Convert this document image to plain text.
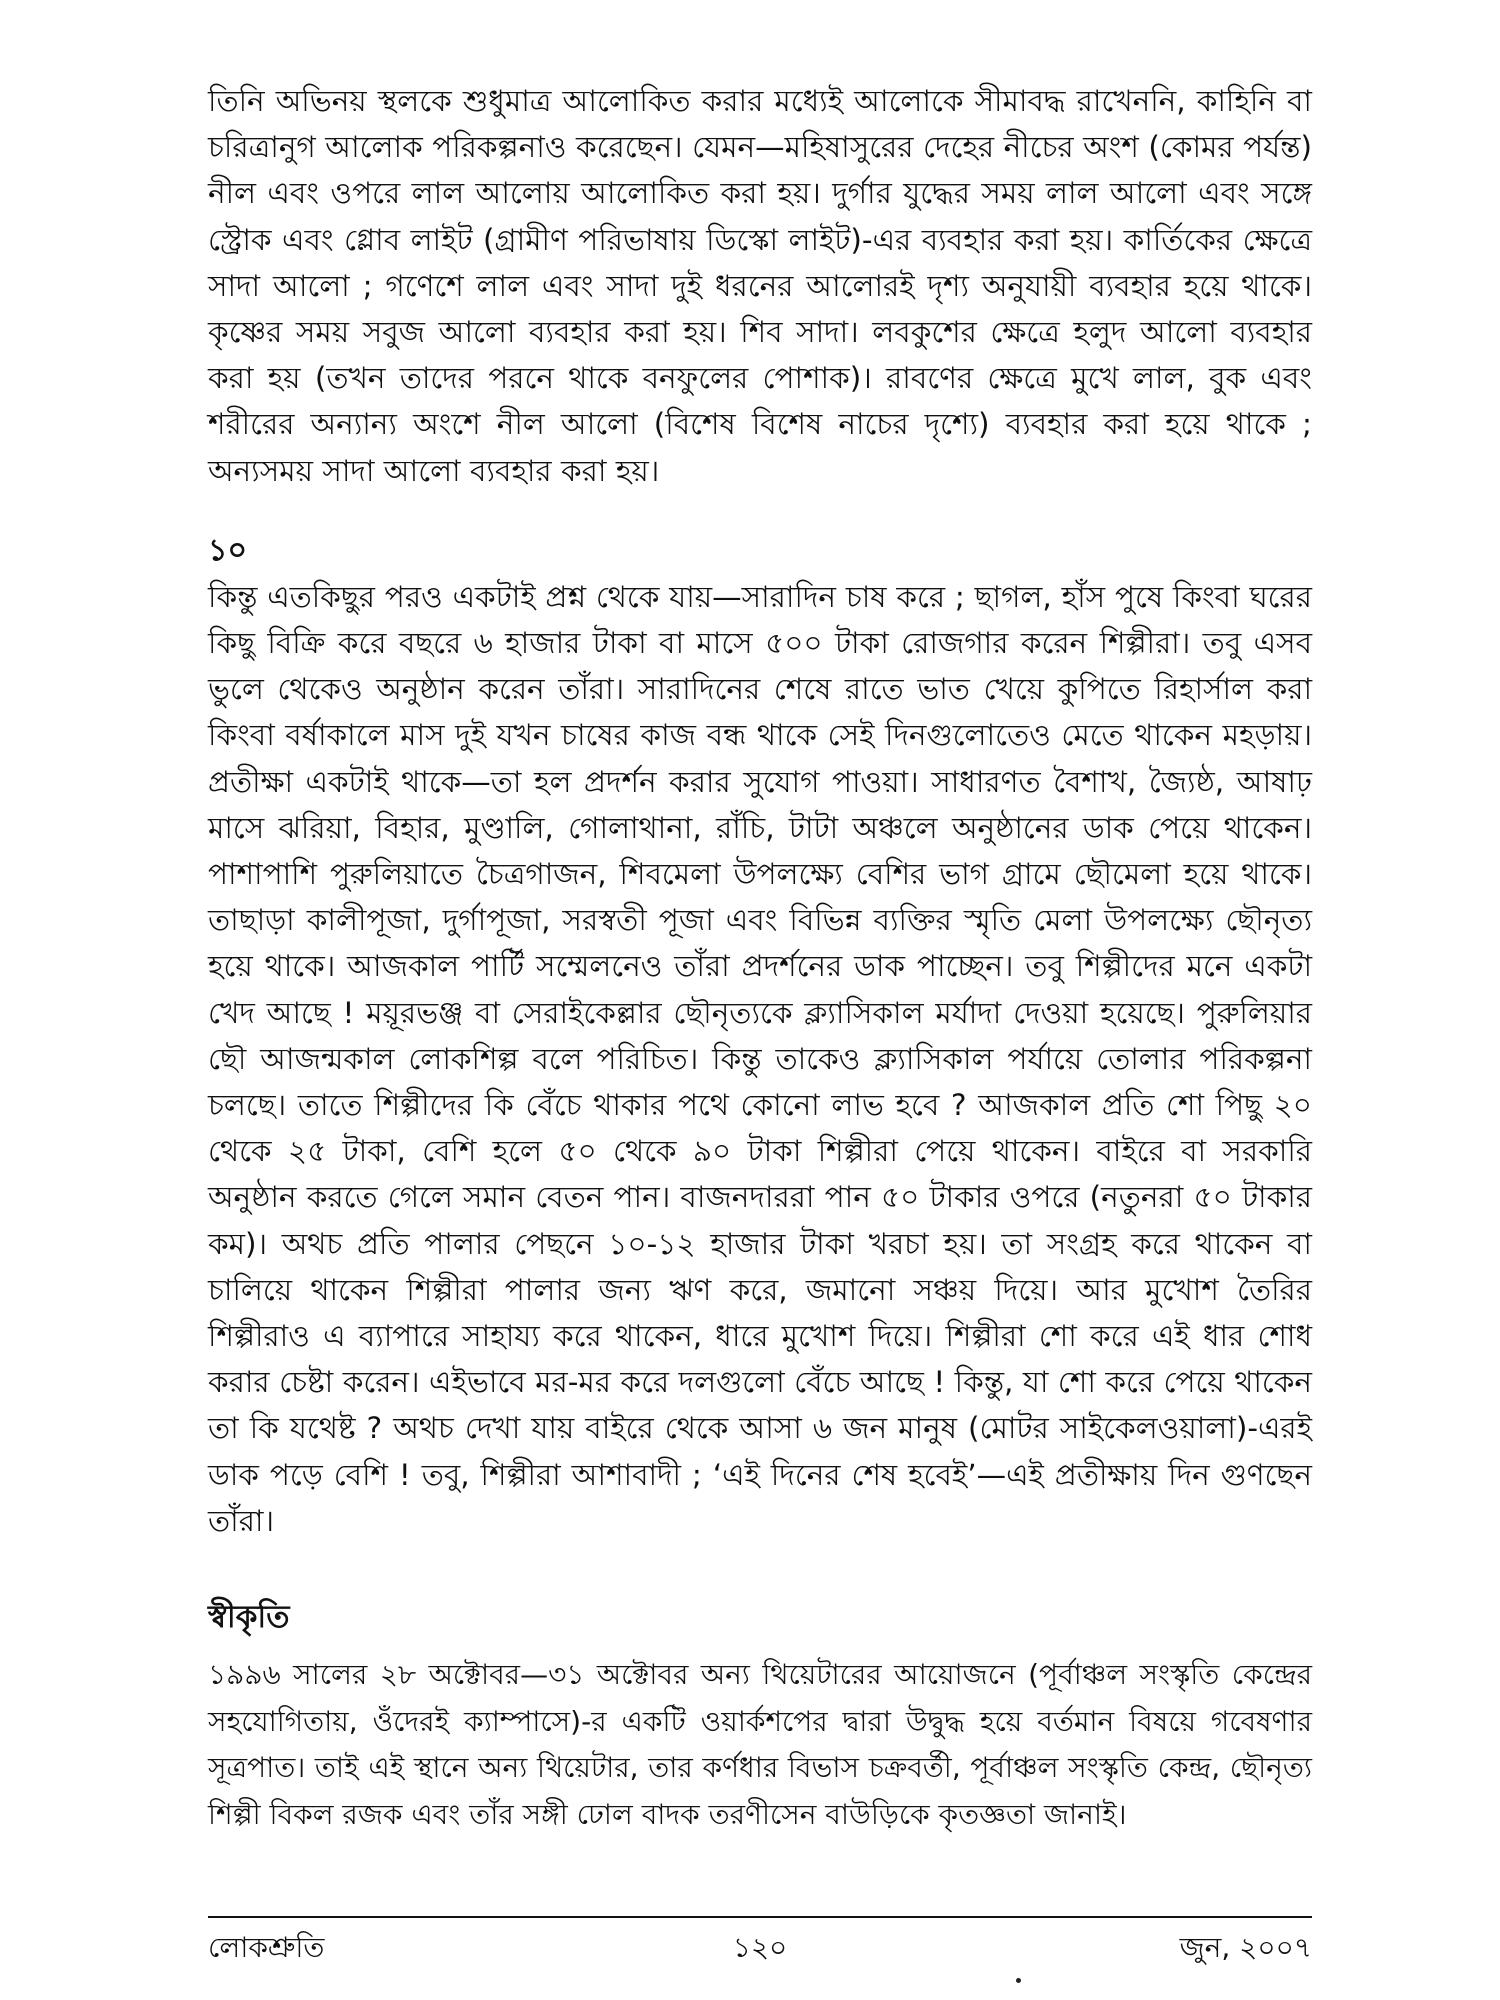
তিনি অভিনয় স্থলকে শুধুমাত্র আলোকিত করার মধ্যেই আলোকে সীমাবদ্ধ রাখেননি, কাহিনি বা চরিত্রানুগ আলোক পরিকল্পনাও করেছেন। যেমন—মহিষাসুরের দেহের নীচের অংশ (কোমর পর্যন্ত) নীল এবং ওপরে লাল আলোয় আলোকিত করা হয়। দুর্গার যুদ্ধের সময় লাল আলো এবং সঙ্গে স্ট্রোক এবং গ্লোব লাইট (গ্রামীণ পরিভাষায় ডিস্কো লাইট)-এর ব্যবহার করা হয়। কার্তিকের ক্ষেত্রে সাদা আলো ; গণেশে লাল এবং সাদা দুই ধরনের আলোরই দৃশ্য অনুযায়ী ব্যবহার হয়ে থাকে। কৃষ্ণের সময় সবুজ আলো ব্যবহার করা হয়। শিব সাদা। লবকুশের ক্ষেত্রে হলুদ আলো ব্যবহার করা হয় (তখন তাদের পরনে থাকে বনফুলের পোশাক)। রাবণের ক্ষেত্রে মুখে লাল, বুক এবং শরীরের অন্যান্য অংশে নীল আলো (বিশেষ বিশেষ নাচের দৃশ্যে) ব্যবহার করা হয়ে থাকে ; অন্যসময় সাদা আলো ব্যবহার করা হয়।

১০

কিন্তু এতকিছুর পরও একটাই প্রশ্ন থেকে যায়—সারাদিন চাষ করে ; ছাগল, হাঁস পুষে কিংবা ঘরের কিছু বিক্রি করে বছরে ৬ হাজার টাকা বা মাসে ৫০০ টাকা রোজগার করেন শিল্পীরা। তবু এসব ভুলে থেকেও অনুষ্ঠান করেন তাঁরা। সারাদিনের শেষে রাতে ভাত খেয়ে কুপিতে রিহার্সাল করা কিংবা বর্ষাকালে মাস দুই যখন চাষের কাজ বন্ধ থাকে সেই দিনগুলোতেও মেতে থাকেন মহড়ায়। প্রতীক্ষা একটাই থাকে—তা হল প্রদর্শন করার সুযোগ পাওয়া। সাধারণত বৈশাখ, জ্যৈষ্ঠ, আষাঢ় মাসে ঝরিয়া, বিহার, মুণ্ডালি, গোলাথানা, রাঁচি, টাটা অঞ্চলে অনুষ্ঠানের ডাক পেয়ে থাকেন। পাশাপাশি পুরুলিয়াতে চৈত্রগাজন, শিবমেলা উপলক্ষ্যে বেশির ভাগ গ্রামে ছৌমেলা হয়ে থাকে। তাছাড়া কালীপূজা, দুর্গাপূজা, সরস্বতী পূজা এবং বিভিন্ন ব্যক্তির স্মৃতি মেলা উপলক্ষ্যে ছৌনৃত্য হয়ে থাকে। আজকাল পার্টি সম্মেলনেও তাঁরা প্রদর্শনের ডাক পাচ্ছেন। তবু শিল্পীদের মনে একটা খেদ আছে ! ময়ূরভঞ্জ বা সেরাইকেল্লার ছৌনৃত্যকে ক্ল্যাসিকাল মর্যাদা দেওয়া হয়েছে। পুরুলিয়ার ছৌ আজন্মকাল লোকশিল্প বলে পরিচিত। কিন্তু তাকেও ক্ল্যাসিকাল পর্যায়ে তোলার পরিকল্পনা চলছে। তাতে শিল্পীদের কি বেঁচে থাকার পথে কোনো লাভ হবে ? আজকাল প্রতি শো পিছু ২০ থেকে ২৫ টাকা, বেশি হলে ৫০ থেকে ৯০ টাকা শিল্পীরা পেয়ে থাকেন। বাইরে বা সরকারি অনুষ্ঠান করতে গেলে সমান বেতন পান। বাজনদাররা পান ৫০ টাকার ওপরে (নতুনরা ৫০ টাকার কম)। অথচ প্রতি পালার পেছনে ১০-১২ হাজার টাকা খরচা হয়। তা সংগ্রহ করে থাকেন বা চালিয়ে থাকেন শিল্পীরা পালার জন্য ঋণ করে, জমানো সঞ্চয় দিয়ে। আর মুখোশ তৈরির শিল্পীরাও এ ব্যাপারে সাহায্য করে থাকেন, ধারে মুখোশ দিয়ে। শিল্পীরা শো করে এই ধার শোধ করার চেষ্টা করেন। এইভাবে মর-মর করে দলগুলো বেঁচে আছে ! কিন্তু, যা শো করে পেয়ে থাকেন তা কি যথেষ্ট ? অথচ দেখা যায় বাইরে থেকে আসা ৬ জন মানুষ (মোটর সাইকেলওয়ালা)-এরই ডাক পড়ে বেশি ! তবু, শিল্পীরা আশাবাদী ; ‘এই দিনের শেষ হবেই’—এই প্রতীক্ষায় দিন গুণছেন তাঁরা।

স্বীকৃতি

১৯৯৬ সালের ২৮ অক্টোবর—৩১ অক্টোবর অন্য থিয়েটারের আয়োজনে (পূর্বাঞ্চল সংস্কৃতি কেন্দ্রের সহযোগিতায়, ওঁদেরই ক্যাম্পাসে)-র একটি ওয়ার্কশপের দ্বারা উদ্বুদ্ধ হয়ে বর্তমান বিষয়ে গবেষণার সূত্রপাত। তাই এই স্থানে অন্য থিয়েটার, তার কর্ণধার বিভাস চক্রবর্তী, পূর্বাঞ্চল সংস্কৃতি কেন্দ্র, ছৌনৃত্য শিল্পী বিকল রজক এবং তাঁর সঙ্গী ঢোল বাদক তরণীসেন বাউড়িকে কৃতজ্ঞতা জানাই।

লোকশ্রুতি	১২০	জুন, ২০০৭
